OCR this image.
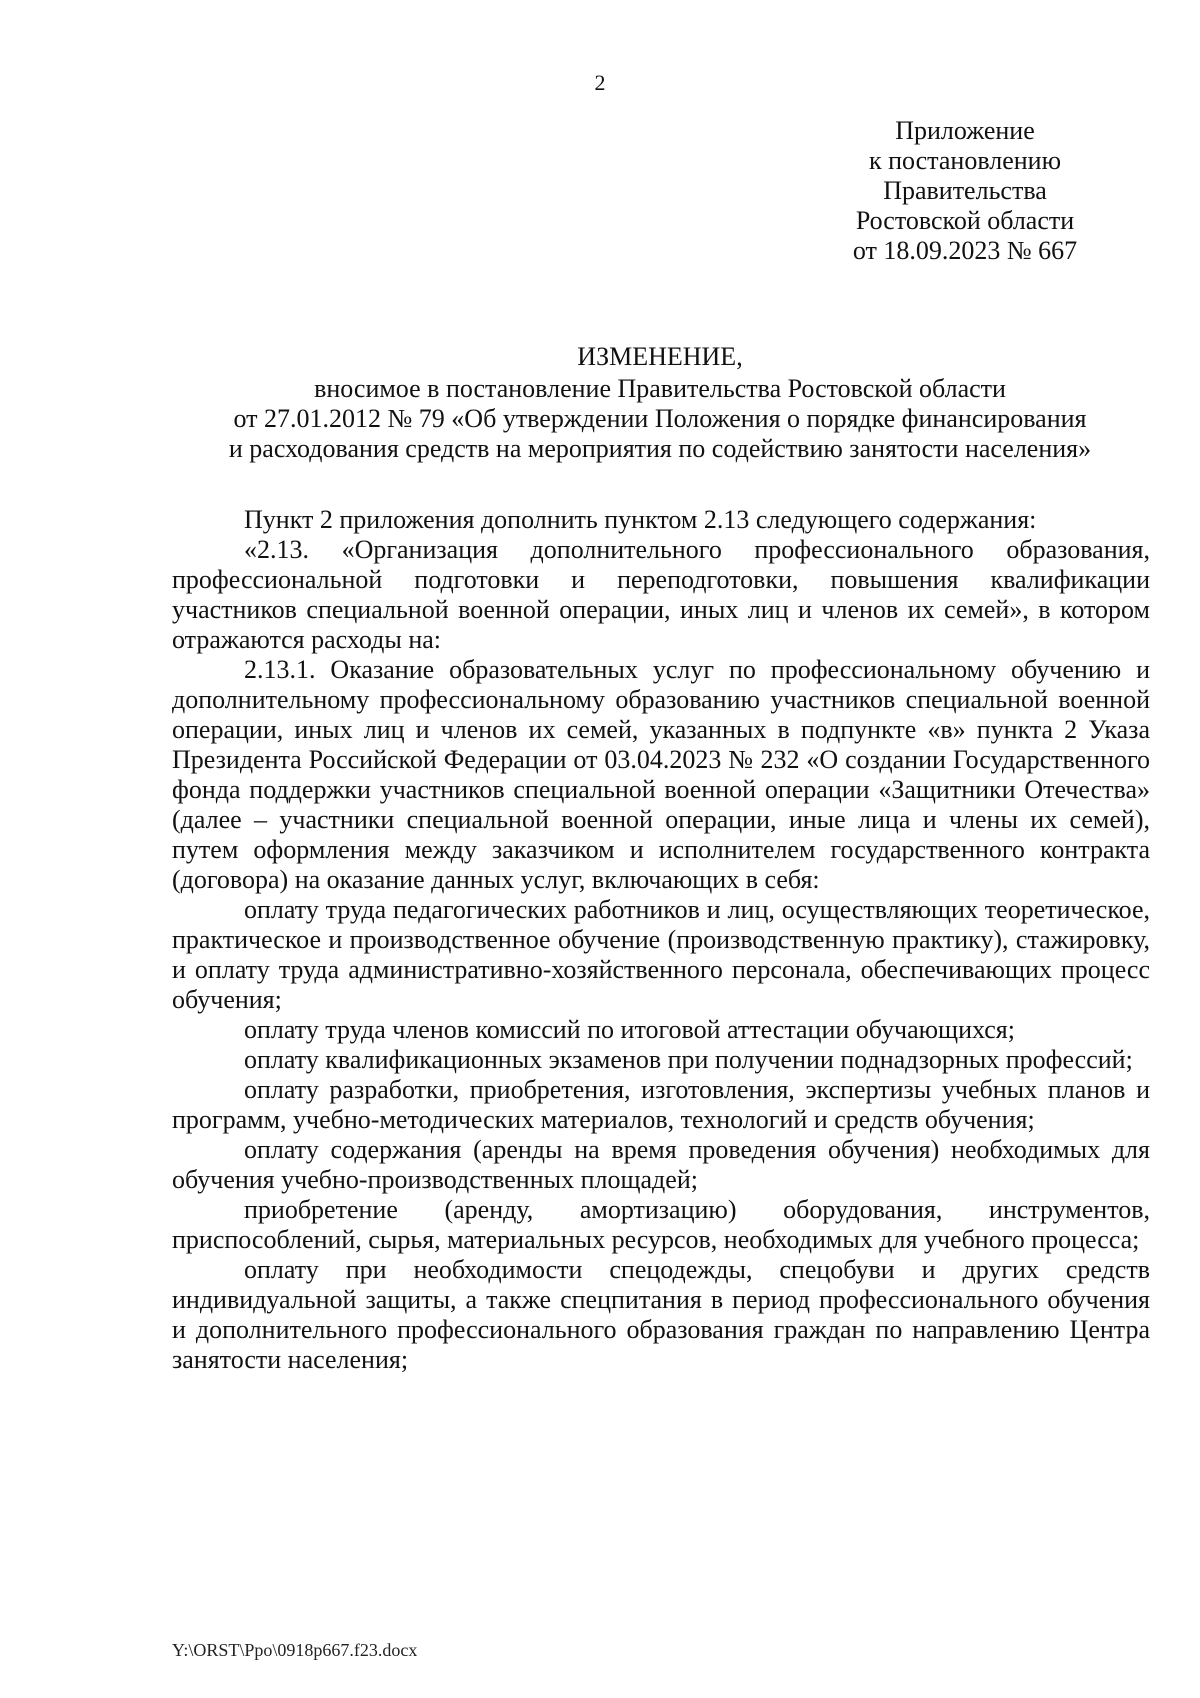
2
Приложение
к постановлению
Правительства
Ростовской области
от 18.09.2023 № 667
ИЗМЕНЕНИЕ,
вносимое в постановление Правительства Ростовской области
от 27.01.2012 № 79 «Об утверждении Положения о порядке финансирования
и расходования средств на мероприятия по содействию занятости населения»

Пункт 2 приложения дополнить пунктом 2.13 следующего содержания:

«2.13. «Организация дополнительного профессионального образования, профессиональной подготовки и переподготовки, повышения квалификации участников специальной военной операции, иных лиц и членов их семей», в котором отражаются расходы на:

2.13.1. Оказание образовательных услуг по профессиональному обучению и дополнительному профессиональному образованию участников специальной военной операции, иных лиц и членов их семей, указанных в подпункте «в» пункта 2 Указа Президента Российской Федерации от 03.04.2023 № 232 «О создании Государственного фонда поддержки участников специальной военной операции «Защитники Отечества» (далее – участники специальной военной операции, иные лица и члены их семей), путем оформления между заказчиком и исполнителем государственного контракта (договора) на оказание данных услуг, включающих в себя:

оплату труда педагогических работников и лиц, осуществляющих теоретическое, практическое и производственное обучение (производственную практику), стажировку, и оплату труда административно-хозяйственного персонала, обеспечивающих процесс обучения;

оплату труда членов комиссий по итоговой аттестации обучающихся;

оплату квалификационных экзаменов при получении поднадзорных профессий;

оплату разработки, приобретения, изготовления, экспертизы учебных планов и программ, учебно-методических материалов, технологий и средств обучения;

оплату содержания (аренды на время проведения обучения) необходимых для обучения учебно-производственных площадей;

приобретение (аренду, амортизацию) оборудования, инструментов, приспособлений, сырья, материальных ресурсов, необходимых для учебного процесса;

оплату при необходимости спецодежды, спецобуви и других средств индивидуальной защиты, а также спецпитания в период профессионального обучения и дополнительного профессионального образования граждан по направлению Центра занятости населения;

Y:\ORST\Ppo\0918p667.f23.docx
